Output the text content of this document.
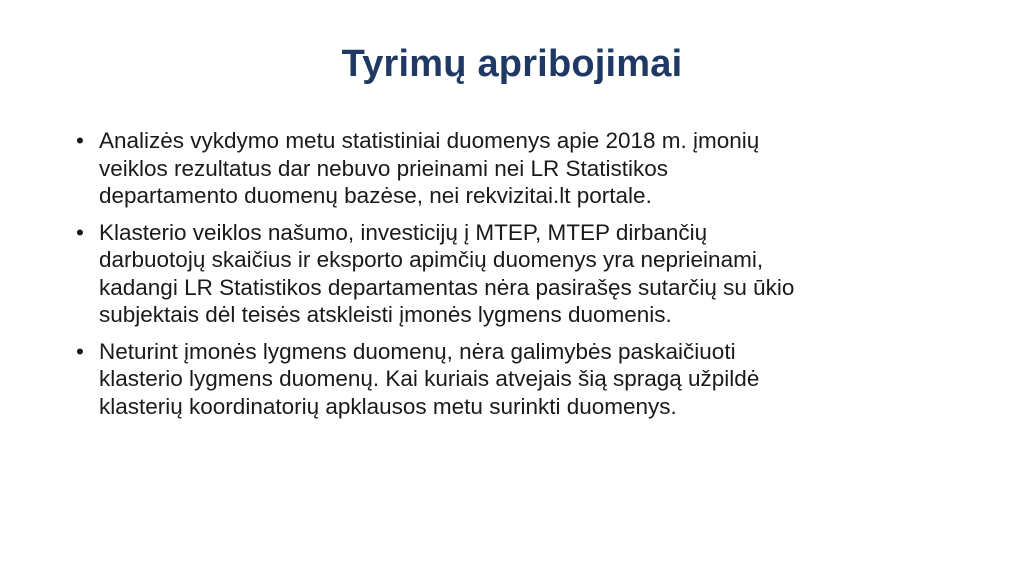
Tyrimų apribojimai
• Analizės vykdymo metu statistiniai duomenys apie 2018 m. įmonių
veiklos rezultatus dar nebuvo prieinami nei LR Statistikos
departamento duomenų bazėse, nei rekvizitai.lt portale.
• Klasterio veiklos našumo, investicijų į MTEP, MTEP dirbančių
darbuotojų skaičius ir eksporto apimčių duomenys yra neprieinami,
kadangi LR Statistikos departamentas nėra pasirašęs sutarčių su ūkio
subjektais dėl teisės atskleisti įmonės lygmens duomenis.
• Neturint įmonės lygmens duomenų, nėra galimybės paskaičiuoti
klasterio lygmens duomenų. Kai kuriais atvejais šią spragą užpildė
klasterių koordinatorių apklausos metu surinkti duomenys.
